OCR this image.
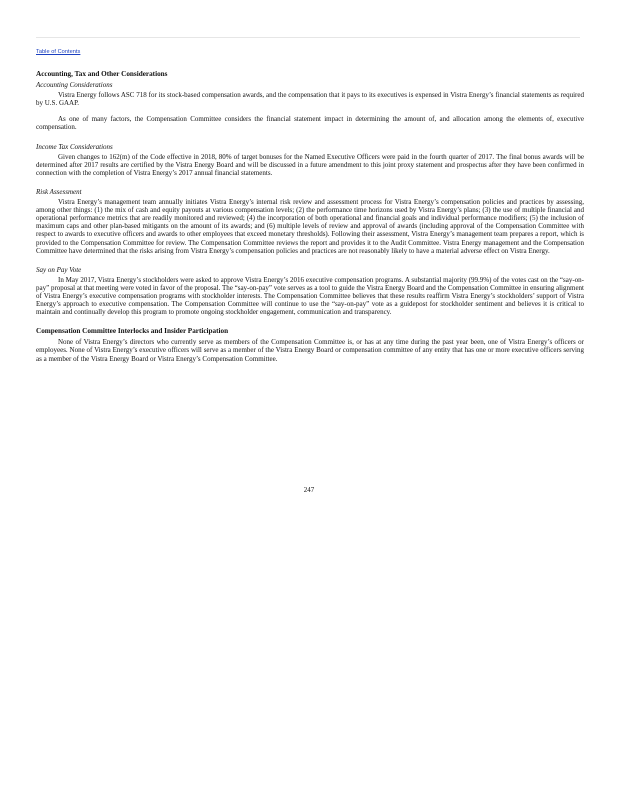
Table of Contents

Accounting, Tax and Other Considerations

Accounting Considerations

Vistra Energy follows ASC 718 for its stock-based compensation awards, and the compensation that it pays to its executives is expensed in Vistra Energy’s financial statements as required by U.S. GAAP.

As one of many factors, the Compensation Committee considers the financial statement impact in determining the amount of, and allocation among the elements of, executive compensation.

Income Tax Considerations

Given changes to 162(m) of the Code effective in 2018, 80% of target bonuses for the Named Executive Officers were paid in the fourth quarter of 2017. The final bonus awards will be determined after 2017 results are certified by the Vistra Energy Board and will be discussed in a future amendment to this joint proxy statement and prospectus after they have been confirmed in connection with the completion of Vistra Energy’s 2017 annual financial statements.

Risk Assessment

Vistra Energy’s management team annually initiates Vistra Energy’s internal risk review and assessment process for Vistra Energy’s compensation policies and practices by assessing, among other things: (1) the mix of cash and equity payouts at various compensation levels; (2) the performance time horizons used by Vistra Energy’s plans; (3) the use of multiple financial and operational performance metrics that are readily monitored and reviewed; (4) the incorporation of both operational and financial goals and individual performance modifiers; (5) the inclusion of maximum caps and other plan-based mitigants on the amount of its awards; and (6) multiple levels of review and approval of awards (including approval of the Compensation Committee with respect to awards to executive officers and awards to other employees that exceed monetary thresholds). Following their assessment, Vistra Energy’s management team prepares a report, which is provided to the Compensation Committee for review. The Compensation Committee reviews the report and provides it to the Audit Committee. Vistra Energy management and the Compensation Committee have determined that the risks arising from Vistra Energy’s compensation policies and practices are not reasonably likely to have a material adverse effect on Vistra Energy.

Say on Pay Vote

In May 2017, Vistra Energy’s stockholders were asked to approve Vistra Energy’s 2016 executive compensation programs. A substantial majority (99.9%) of the votes cast on the “say-on-pay” proposal at that meeting were voted in favor of the proposal. The “say-on-pay” vote serves as a tool to guide the Vistra Energy Board and the Compensation Committee in ensuring alignment of Vistra Energy’s executive compensation programs with stockholder interests. The Compensation Committee believes that these results reaffirm Vistra Energy’s stockholders’ support of Vistra Energy’s approach to executive compensation. The Compensation Committee will continue to use the “say-on-pay” vote as a guidepost for stockholder sentiment and believes it is critical to maintain and continually develop this program to promote ongoing stockholder engagement, communication and transparency.

Compensation Committee Interlocks and Insider Participation

None of Vistra Energy’s directors who currently serve as members of the Compensation Committee is, or has at any time during the past year been, one of Vistra Energy’s officers or employees. None of Vistra Energy’s executive officers will serve as a member of the Vistra Energy Board or compensation committee of any entity that has one or more executive officers serving as a member of the Vistra Energy Board or Vistra Energy’s Compensation Committee.

247
